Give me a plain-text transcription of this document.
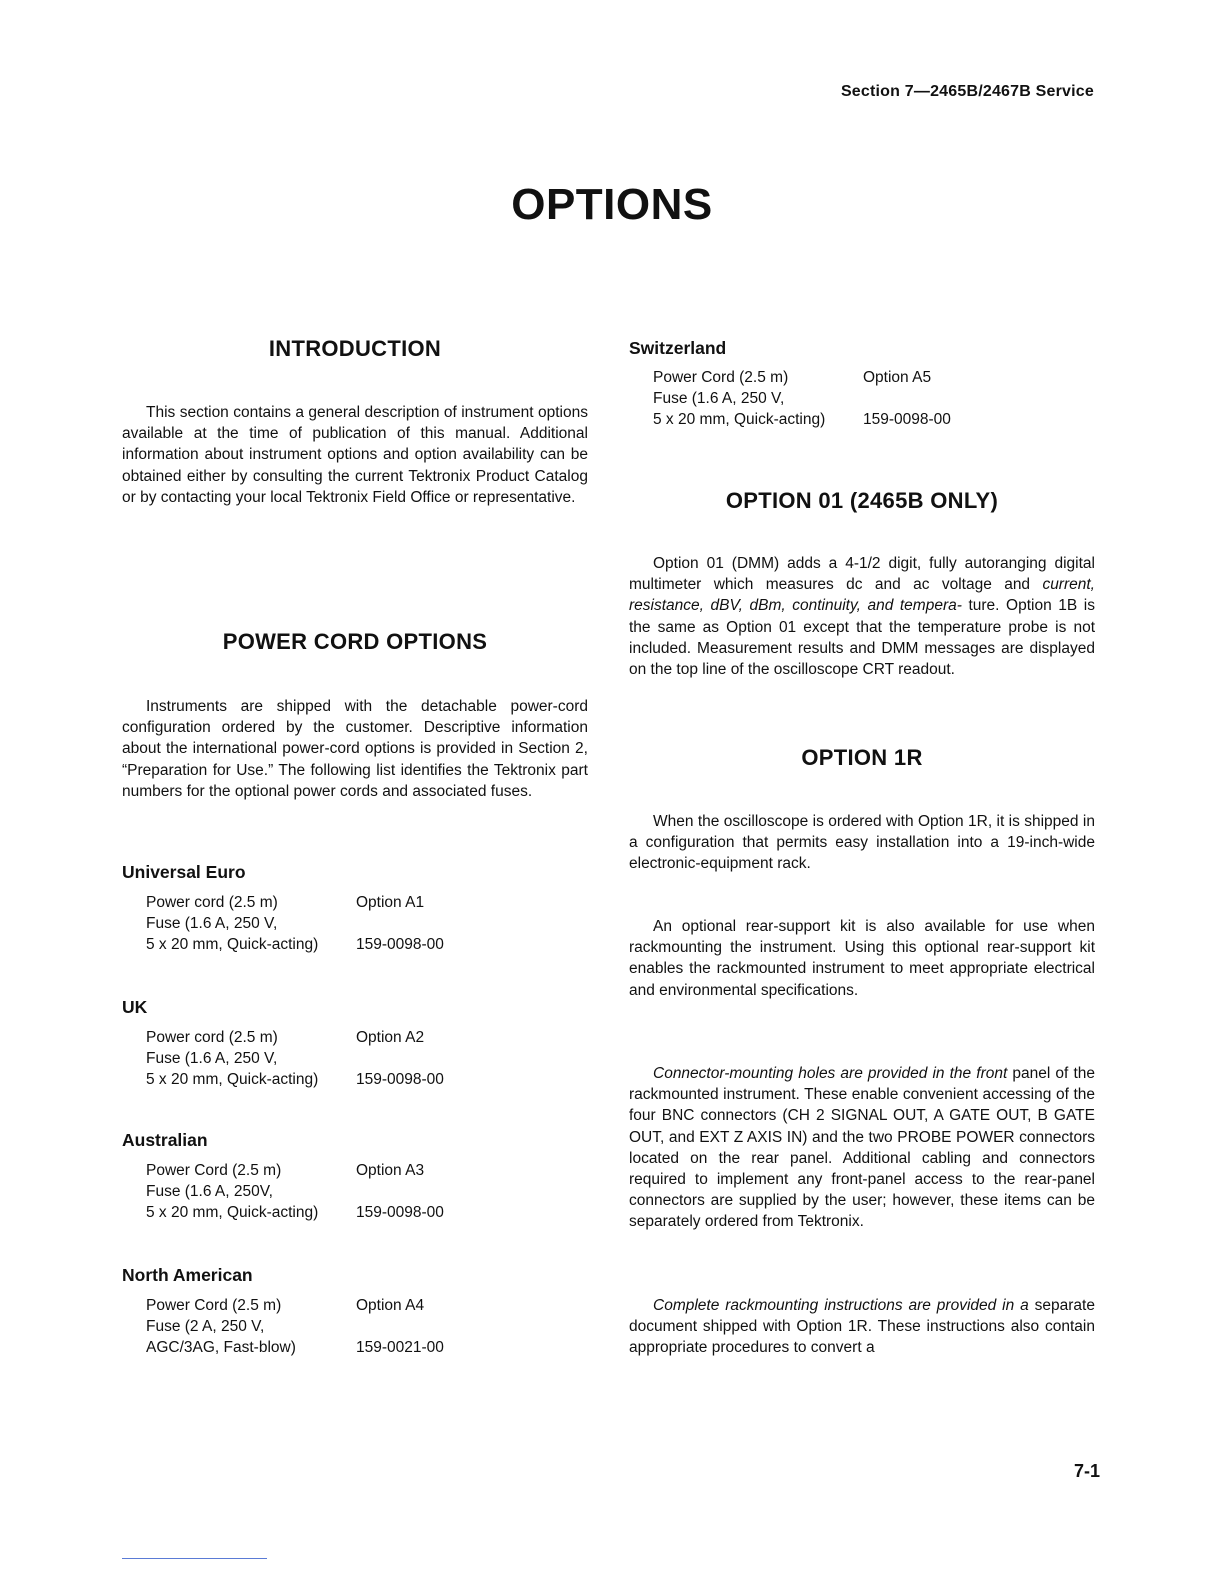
Section 7—2465B/2467B Service
OPTIONS
INTRODUCTION

This section contains a general description of instrument options available at the time of publication of this manual. Additional information about instrument options and option availability can be obtained either by consulting the current Tektronix Product Catalog or by contacting your local Tektronix Field Office or representative.

POWER CORD OPTIONS

Instruments are shipped with the detachable power-cord configuration ordered by the customer. Descriptive information about the international power-cord options is provided in Section 2, “Preparation for Use.” The following list identifies the Tektronix part numbers for the optional power cords and associated fuses.

Universal Euro
Power cord (2.5 m)	Option A1
Fuse (1.6 A, 250 V,	
5 x 20 mm, Quick-acting)	159-0098-00
UK
Power cord (2.5 m)	Option A2
Fuse (1.6 A, 250 V,	
5 x 20 mm, Quick-acting)	159-0098-00
Australian
Power Cord (2.5 m)	Option A3
Fuse (1.6 A, 250V,	
5 x 20 mm, Quick-acting)	159-0098-00
North American
Power Cord (2.5 m)	Option A4
Fuse (2 A, 250 V,	
AGC/3AG, Fast-blow)	159-0021-00
Switzerland
Power Cord (2.5 m)	Option A5
Fuse (1.6 A, 250 V,	
5 x 20 mm, Quick-acting)	159-0098-00
OPTION 01 (2465B ONLY)

Option 01 (DMM) adds a 4-1/2 digit, fully autoranging digital multimeter which measures dc and ac voltage and current, resistance, dBV, dBm, continuity, and tempera- ture. Option 1B is the same as Option 01 except that the temperature probe is not included. Measurement results and DMM messages are displayed on the top line of the oscilloscope CRT readout.

OPTION 1R

When the oscilloscope is ordered with Option 1R, it is shipped in a configuration that permits easy installation into a 19-inch-wide electronic-equipment rack.

An optional rear-support kit is also available for use when rackmounting the instrument. Using this optional rear-support kit enables the rackmounted instrument to meet appropriate electrical and environmental specifications.

Connector-mounting holes are provided in the front panel of the rackmounted instrument. These enable convenient accessing of the four BNC connectors (CH 2 SIGNAL OUT, A GATE OUT, B GATE OUT, and EXT Z AXIS IN) and the two PROBE POWER connectors located on the rear panel. Additional cabling and connectors required to implement any front-panel access to the rear-panel connectors are supplied by the user; however, these items can be separately ordered from Tektronix.

Complete rackmounting instructions are provided in a separate document shipped with Option 1R. These instructions also contain appropriate procedures to convert a

7-1
